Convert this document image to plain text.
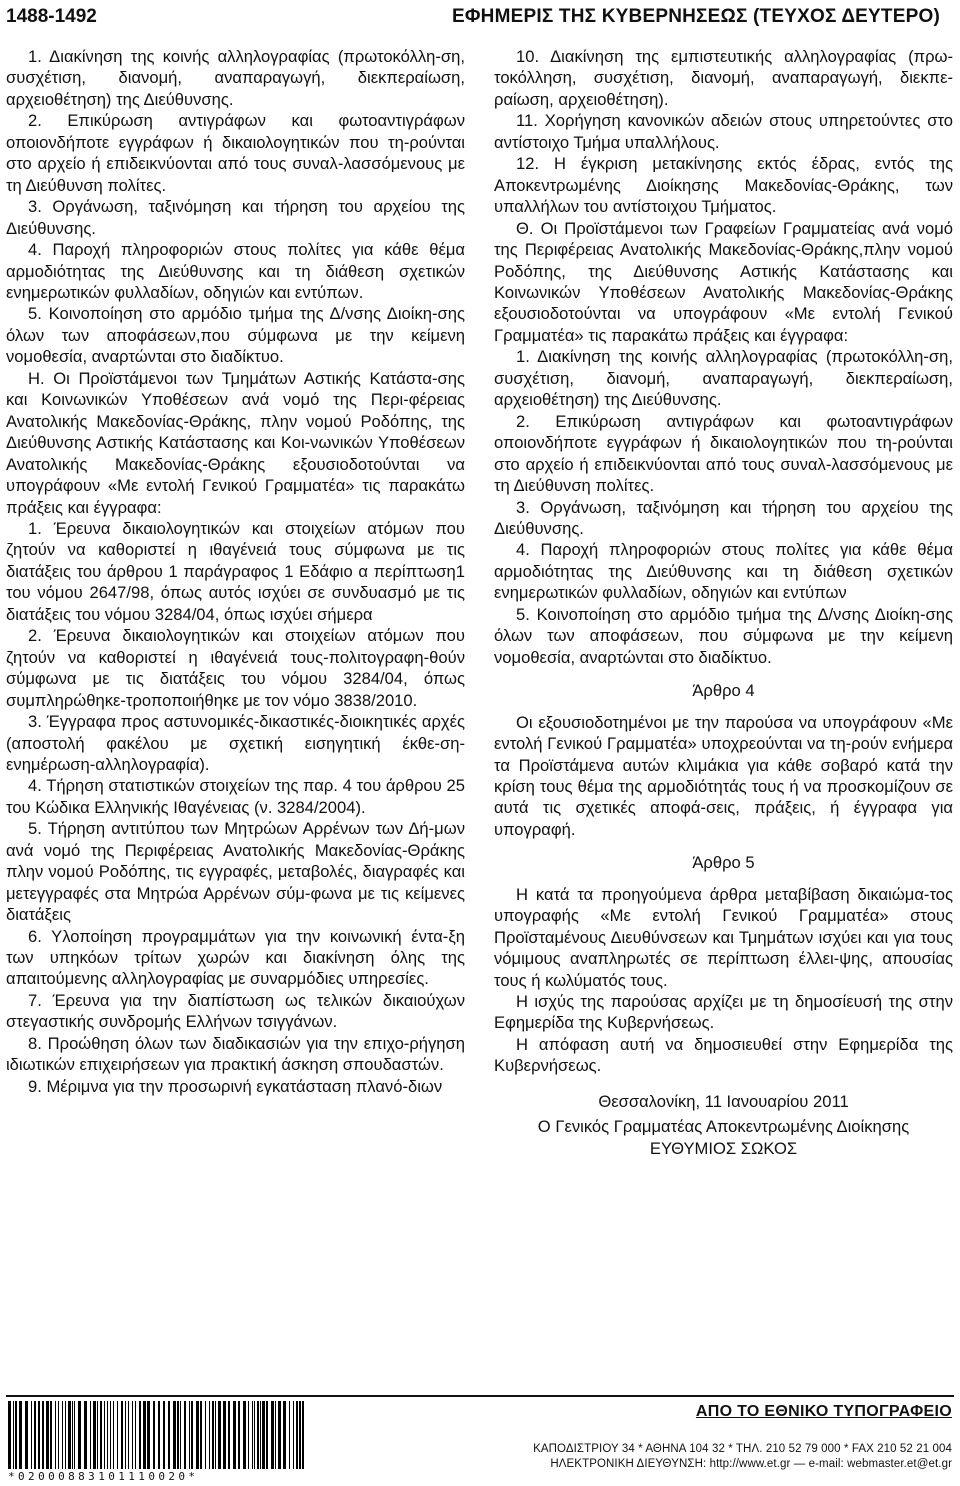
1488-1492	ΕΦΗΜΕΡΙΣ ΤΗΣ ΚΥΒΕΡΝΗΣΕΩΣ (ΤΕΥΧΟΣ ΔΕΥΤΕΡΟ)

1. Διακίνηση της κοινής αλληλογραφίας (πρωτοκόλλη-ση, συσχέτιση, διανομή, αναπαραγωγή, διεκπεραίωση, αρχειοθέτηση) της Διεύθυνσης.

2. Επικύρωση αντιγράφων και φωτοαντιγράφων οποιονδήποτε εγγράφων ή δικαιολογητικών που τη-ρούνται στο αρχείο ή επιδεικνύονται από τους συναλ-λασσόμενους με τη Διεύθυνση πολίτες.

3. Οργάνωση, ταξινόμηση και τήρηση του αρχείου της Διεύθυνσης.

4. Παροχή πληροφοριών στους πολίτες για κάθε θέμα αρμοδιότητας της Διεύθυνσης και τη διάθεση σχετικών ενημερωτικών φυλλαδίων, οδηγιών και εντύπων.

5. Κοινοποίηση στο αρμόδιο τμήμα της Δ/νσης Διοίκη-σης όλων των αποφάσεων,που σύμφωνα με την κείμενη νομοθεσία, αναρτώνται στο διαδίκτυο.

Η. Οι Προϊστάμενοι των Τμημάτων Αστικής Κατάστα-σης και Κοινωνικών Υποθέσεων ανά νομό της Περι-φέρειας Ανατολικής Μακεδονίας-Θράκης, πλην νομού Ροδόπης, της Διεύθυνσης Αστικής Κατάστασης και Κοι-νωνικών Υποθέσεων Ανατολικής Μακεδονίας-Θράκης εξουσιοδοτούνται να υπογράφουν «Με εντολή Γενικού Γραμματέα» τις παρακάτω πράξεις και έγγραφα:

1. Έρευνα δικαιολογητικών και στοιχείων ατόμων που ζητούν να καθοριστεί η ιθαγένειά τους σύμφωνα με τις διατάξεις του άρθρου 1 παράγραφος 1 Εδάφιο α περίπτωση1 του νόμου 2647/98, όπως αυτός ισχύει σε συνδυασμό με τις διατάξεις του νόμου 3284/04, όπως ισχύει σήμερα

2. Έρευνα δικαιολογητικών και στοιχείων ατόμων που ζητούν να καθοριστεί η ιθαγένειά τους-πολιτογραφη-θούν σύμφωνα με τις διατάξεις του νόμου 3284/04, όπως συμπληρώθηκε-τροποποιήθηκε με τον νόμο 3838/2010.

3. Έγγραφα προς αστυνομικές-δικαστικές-διοικητικές αρχές (αποστολή φακέλου με σχετική εισηγητική έκθε-ση-ενημέρωση-αλληλογραφία).

4. Τήρηση στατιστικών στοιχείων της παρ. 4 του άρθρου 25 του Κώδικα Ελληνικής Ιθαγένειας (ν. 3284/2004).

5. Τήρηση αντιτύπου των Μητρώων Αρρένων των Δή-μων ανά νομό της Περιφέρειας Ανατολικής Μακεδονίας-Θράκης πλην νομού Ροδόπης, τις εγγραφές, μεταβολές, διαγραφές και μετεγγραφές στα Μητρώα Αρρένων σύμ-φωνα με τις κείμενες διατάξεις

6. Υλοποίηση προγραμμάτων για την κοινωνική έντα-ξη των υπηκόων τρίτων χωρών και διακίνηση όλης της απαιτούμενης αλληλογραφίας με συναρμόδιες υπηρεσίες.

7. Έρευνα για την διαπίστωση ως τελικών δικαιούχων στεγαστικής συνδρομής Ελλήνων τσιγγάνων.

8. Προώθηση όλων των διαδικασιών για την επιχο-ρήγηση ιδιωτικών επιχειρήσεων για πρακτική άσκηση σπουδαστών.

9. Μέριμνα για την προσωρινή εγκατάσταση πλανό-διων

10. Διακίνηση της εμπιστευτικής αλληλογραφίας (πρω-τοκόλληση, συσχέτιση, διανομή, αναπαραγωγή, διεκπε-ραίωση, αρχειοθέτηση).

11. Χορήγηση κανονικών αδειών στους υπηρετούντες στο αντίστοιχο Τμήμα υπαλλήλους.

12. Η έγκριση μετακίνησης εκτός έδρας, εντός της Αποκεντρωμένης Διοίκησης Μακεδονίας-Θράκης, των υπαλλήλων του αντίστοιχου Τμήματος.

Θ. Οι Προϊστάμενοι των Γραφείων Γραμματείας ανά νομό της Περιφέρειας Ανατολικής Μακεδονίας-Θράκης,πλην νομού Ροδόπης, της Διεύθυνσης Αστικής Κατάστασης και Κοινωνικών Υποθέσεων Ανατολικής Μακεδονίας-Θράκης εξουσιοδοτούνται να υπογράφουν «Με εντολή Γενικού Γραμματέα» τις παρακάτω πράξεις και έγγραφα:

1. Διακίνηση της κοινής αλληλογραφίας (πρωτοκόλλη-ση, συσχέτιση, διανομή, αναπαραγωγή, διεκπεραίωση, αρχειοθέτηση) της Διεύθυνσης.

2. Επικύρωση αντιγράφων και φωτοαντιγράφων οποιονδήποτε εγγράφων ή δικαιολογητικών που τη-ρούνται στο αρχείο ή επιδεικνύονται από τους συναλ-λασσόμενους με τη Διεύθυνση πολίτες.

3. Οργάνωση, ταξινόμηση και τήρηση του αρχείου της Διεύθυνσης.

4. Παροχή πληροφοριών στους πολίτες για κάθε θέμα αρμοδιότητας της Διεύθυνσης και τη διάθεση σχετικών ενημερωτικών φυλλαδίων, οδηγιών και εντύπων

5. Κοινοποίηση στο αρμόδιο τμήμα της Δ/νσης Διοίκη-σης όλων των αποφάσεων, που σύμφωνα με την κείμενη νομοθεσία, αναρτώνται στο διαδίκτυο.

Άρθρο 4

Οι εξουσιοδοτημένοι με την παρούσα να υπογράφουν «Με εντολή Γενικού Γραμματέα» υποχρεούνται να τη-ρούν ενήμερα τα Προϊστάμενα αυτών κλιμάκια για κάθε σοβαρό κατά την κρίση τους θέμα της αρμοδιότητάς τους ή να προσκομίζουν σε αυτά τις σχετικές αποφά-σεις, πράξεις, ή έγγραφα για υπογραφή.

Άρθρο 5

Η κατά τα προηγούμενα άρθρα μεταβίβαση δικαιώμα-τος υπογραφής «Με εντολή Γενικού Γραμματέα» στους Προϊσταμένους Διευθύνσεων και Τμημάτων ισχύει και για τους νόμιμους αναπληρωτές σε περίπτωση έλλει-ψης, απουσίας τους ή κωλύματός τους.

Η ισχύς της παρούσας αρχίζει με τη δημοσίευσή της στην Εφημερίδα της Κυβερνήσεως.

Η απόφαση αυτή να δημοσιευθεί στην Εφημερίδα της Κυβερνήσεως.

Θεσσαλονίκη, 11 Ιανουαρίου 2011

Ο Γενικός Γραμματέας Αποκεντρωμένης Διοίκησης

ΕΥΘΥΜΙΟΣ ΣΩΚΟΣ

*02000883101110020*
ΑΠΟ ΤΟ ΕΘΝΙΚΟ ΤΥΠΟΓΡΑΦΕΙΟ
ΚΑΠΟΔΙΣΤΡΙΟΥ 34 * ΑΘΗΝΑ 104 32 * ΤΗΛ. 210 52 79 000 * FAX 210 52 21 004
ΗΛΕΚΤΡΟΝΙΚΗ ΔΙΕΥΘΥΝΣΗ: http://www.et.gr — e-mail: webmaster.et@et.gr
